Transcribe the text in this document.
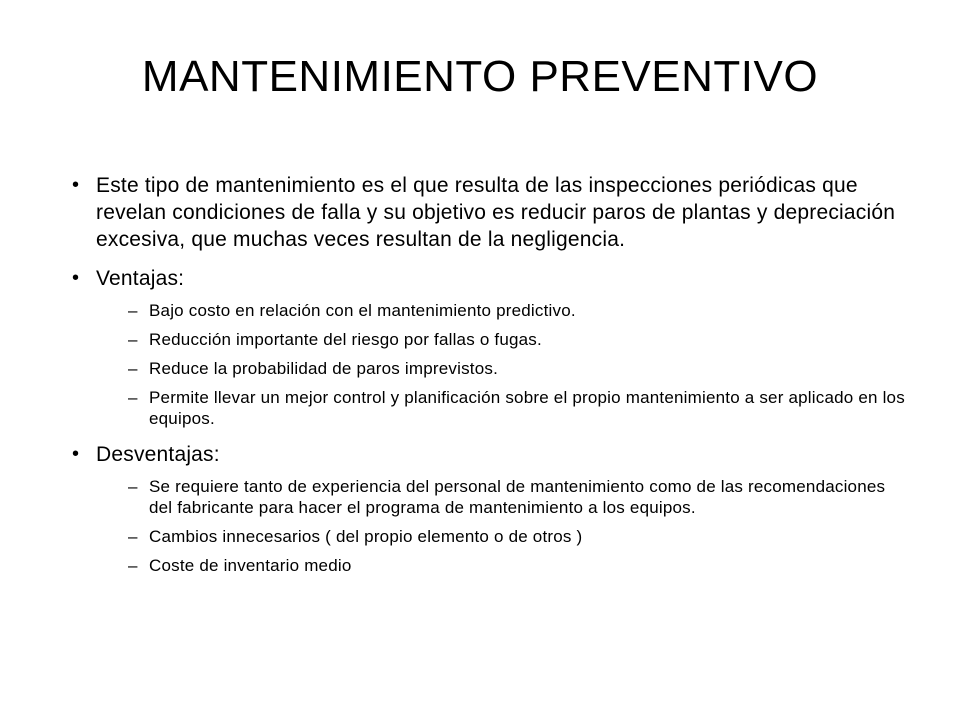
MANTENIMIENTO PREVENTIVO
• Este tipo de mantenimiento es el que resulta de las inspecciones periódicas que revelan condiciones de falla y su objetivo es reducir paros de plantas y depreciación excesiva, que muchas veces resultan de la negligencia.
• Ventajas:
– Bajo costo en relación con el mantenimiento predictivo.
– Reducción importante del riesgo por fallas o fugas.
– Reduce la probabilidad de paros imprevistos.
– Permite llevar un mejor control y planificación sobre el propio mantenimiento a ser aplicado en los equipos.
• Desventajas:
– Se requiere tanto de experiencia del personal de mantenimiento como de las recomendaciones del fabricante para hacer el programa de mantenimiento a los equipos.
– Cambios innecesarios ( del propio elemento o de otros )
– Coste de inventario medio
